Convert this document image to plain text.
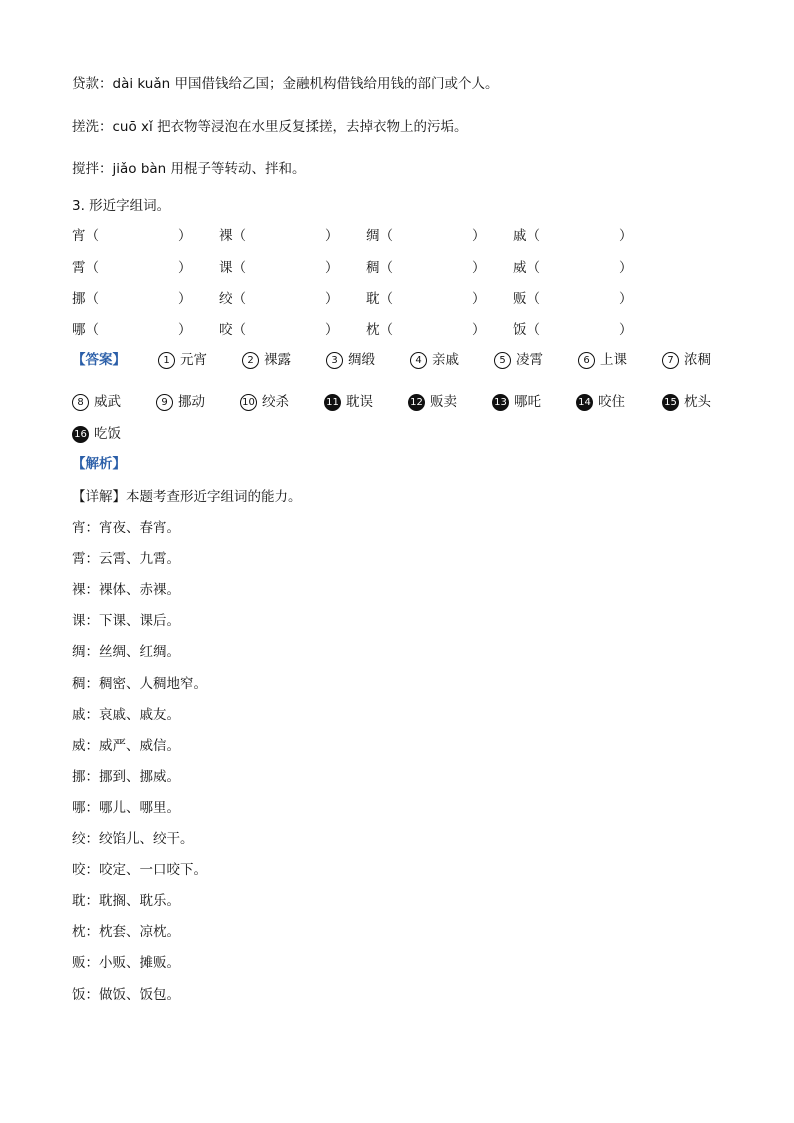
贷款：dài kuǎn 甲国借钱给乙国；金融机构借钱给用钱的部门或个人。
搓洗：cuō xǐ 把衣物等浸泡在水里反复揉搓，去掉衣物上的污垢。
搅拌：jiǎo bàn 用棍子等转动、拌和。
3. 形近字组词。
宵（	） 裸（	） 绸（	） 戚（	）
霄（	） 课（	） 稠（	） 威（	）
挪（	） 绞（	） 耽（	） 贩（	）
哪（	） 咬（	） 枕（	） 饭（	）
【答案】	1 元宵	2 裸露	3 绸缎	4 亲戚	5 凌霄	6 上课	7 浓稠
8 威武	9 挪动	10 绞杀	11 耽误	12 贩卖	13 哪吒	14 咬住	15 枕头
16 吃饭
【解析】
【详解】本题考查形近字组词的能力。
宵：宵夜、春宵。
霄：云霄、九霄。
裸：裸体、赤裸。
课：下课、课后。
绸：丝绸、红绸。
稠：稠密、人稠地窄。
戚：哀戚、戚友。
威：威严、威信。
挪：挪到、挪威。
哪：哪儿、哪里。
绞：绞馅儿、绞干。
咬：咬定、一口咬下。
耽：耽搁、耽乐。
枕：枕套、凉枕。
贩：小贩、摊贩。
饭：做饭、饭包。
